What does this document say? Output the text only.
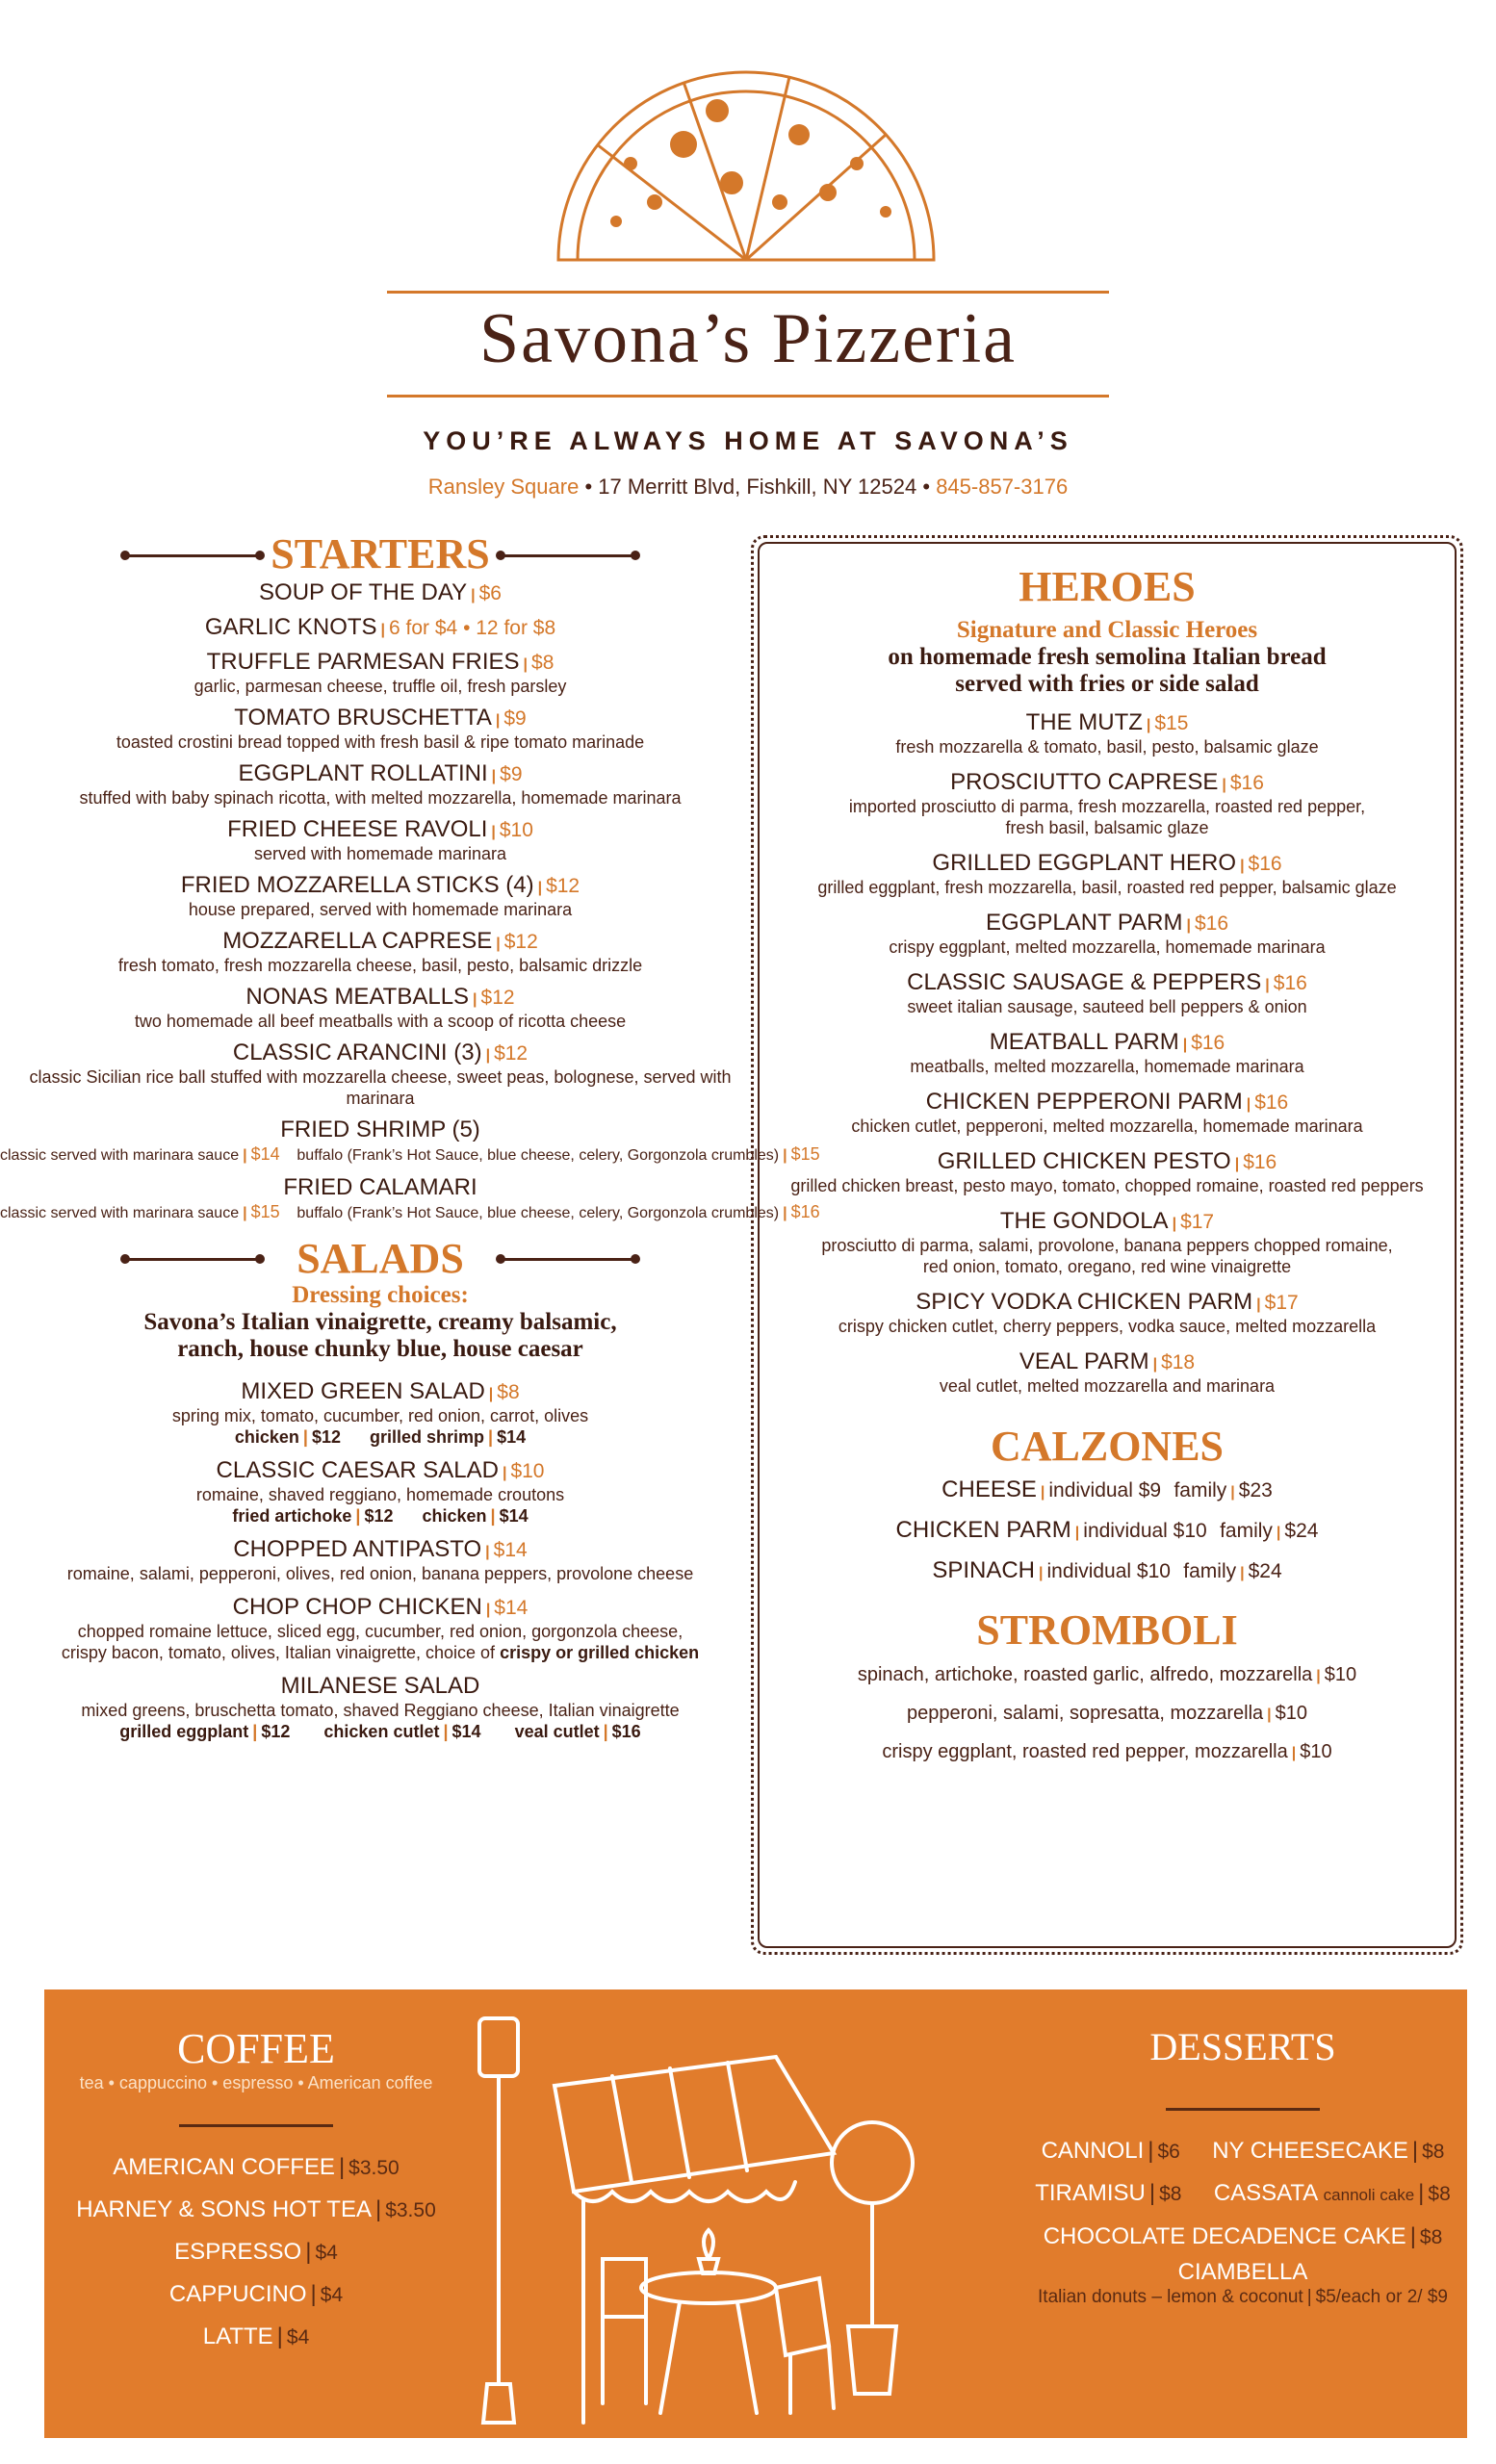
Savona’s Pizzeria
YOU’RE ALWAYS HOME AT SAVONA’S
Ransley Square • 17 Merritt Blvd, Fishkill, NY 12524 • 845-857-3176
STARTERS
SOUP OF THE DAY | $6
GARLIC KNOTS | 6 for $4 • 12 for $8
TRUFFLE PARMESAN FRIES | $8
garlic, parmesan cheese, truffle oil, fresh parsley
TOMATO BRUSCHETTA | $9
toasted crostini bread topped with fresh basil & ripe tomato marinade
EGGPLANT ROLLATINI | $9
stuffed with baby spinach ricotta, with melted mozzarella, homemade marinara
FRIED CHEESE RAVOLI | $10
served with homemade marinara
FRIED MOZZARELLA STICKS (4) | $12
house prepared, served with homemade marinara
MOZZARELLA CAPRESE | $12
fresh tomato, fresh mozzarella cheese, basil, pesto, balsamic drizzle
NONAS MEATBALLS | $12
two homemade all beef meatballs with a scoop of ricotta cheese
CLASSIC ARANCINI (3) | $12
classic Sicilian rice ball stuffed with mozzarella cheese, sweet peas, bolognese, served with marinara
FRIED SHRIMP (5)
classic served with marinara sauce | $14 buffalo (Frank’s Hot Sauce, blue cheese, celery, Gorgonzola crumbles) | $15
FRIED CALAMARI
classic served with marinara sauce | $15 buffalo (Frank’s Hot Sauce, blue cheese, celery, Gorgonzola crumbles) | $16
SALADS
Dressing choices:
Savona’s Italian vinaigrette, creamy balsamic,
ranch, house chunky blue, house caesar
MIXED GREEN SALAD | $8
spring mix, tomato, cucumber, red onion, carrot, olives
chicken | $12 grilled shrimp | $14
CLASSIC CAESAR SALAD | $10
romaine, shaved reggiano, homemade croutons
fried artichoke | $12 chicken | $14
CHOPPED ANTIPASTO | $14
romaine, salami, pepperoni, olives, red onion, banana peppers, provolone cheese
CHOP CHOP CHICKEN | $14
chopped romaine lettuce, sliced egg, cucumber, red onion, gorgonzola cheese,
crispy bacon, tomato, olives, Italian vinaigrette, choice of crispy or grilled chicken
MILANESE SALAD
mixed greens, bruschetta tomato, shaved Reggiano cheese, Italian vinaigrette
grilled eggplant | $12 chicken cutlet | $14 veal cutlet | $16
HEROES
Signature and Classic Heroes
on homemade fresh semolina Italian bread
served with fries or side salad
THE MUTZ | $15
fresh mozzarella & tomato, basil, pesto, balsamic glaze
PROSCIUTTO CAPRESE | $16
imported prosciutto di parma, fresh mozzarella, roasted red pepper,
fresh basil, balsamic glaze
GRILLED EGGPLANT HERO | $16
grilled eggplant, fresh mozzarella, basil, roasted red pepper, balsamic glaze
EGGPLANT PARM | $16
crispy eggplant, melted mozzarella, homemade marinara
CLASSIC SAUSAGE & PEPPERS | $16
sweet italian sausage, sauteed bell peppers & onion
MEATBALL PARM | $16
meatballs, melted mozzarella, homemade marinara
CHICKEN PEPPERONI PARM | $16
chicken cutlet, pepperoni, melted mozzarella, homemade marinara
GRILLED CHICKEN PESTO | $16
grilled chicken breast, pesto mayo, tomato, chopped romaine, roasted red peppers
THE GONDOLA | $17
prosciutto di parma, salami, provolone, banana peppers chopped romaine,
red onion, tomato, oregano, red wine vinaigrette
SPICY VODKA CHICKEN PARM | $17
crispy chicken cutlet, cherry peppers, vodka sauce, melted mozzarella
VEAL PARM | $18
veal cutlet, melted mozzarella and marinara
CALZONES
CHEESE | individual $9 family | $23
CHICKEN PARM | individual $10 family | $24
SPINACH | individual $10 family | $24
STROMBOLI
spinach, artichoke, roasted garlic, alfredo, mozzarella | $10
pepperoni, salami, sopresatta, mozzarella | $10
crispy eggplant, roasted red pepper, mozzarella | $10
COFFEE
tea • cappuccino • espresso • American coffee
AMERICAN COFFEE | $3.50
HARNEY & SONS HOT TEA | $3.50
ESPRESSO | $4
CAPPUCINO | $4
LATTE | $4
DESSERTS
CANNOLI | $6 NY CHEESECAKE | $8
TIRAMISU | $8 CASSATA cannoli cake | $8
CHOCOLATE DECADENCE CAKE | $8
CIAMBELLA
Italian donuts – lemon & coconut | $5/each or 2/ $9
